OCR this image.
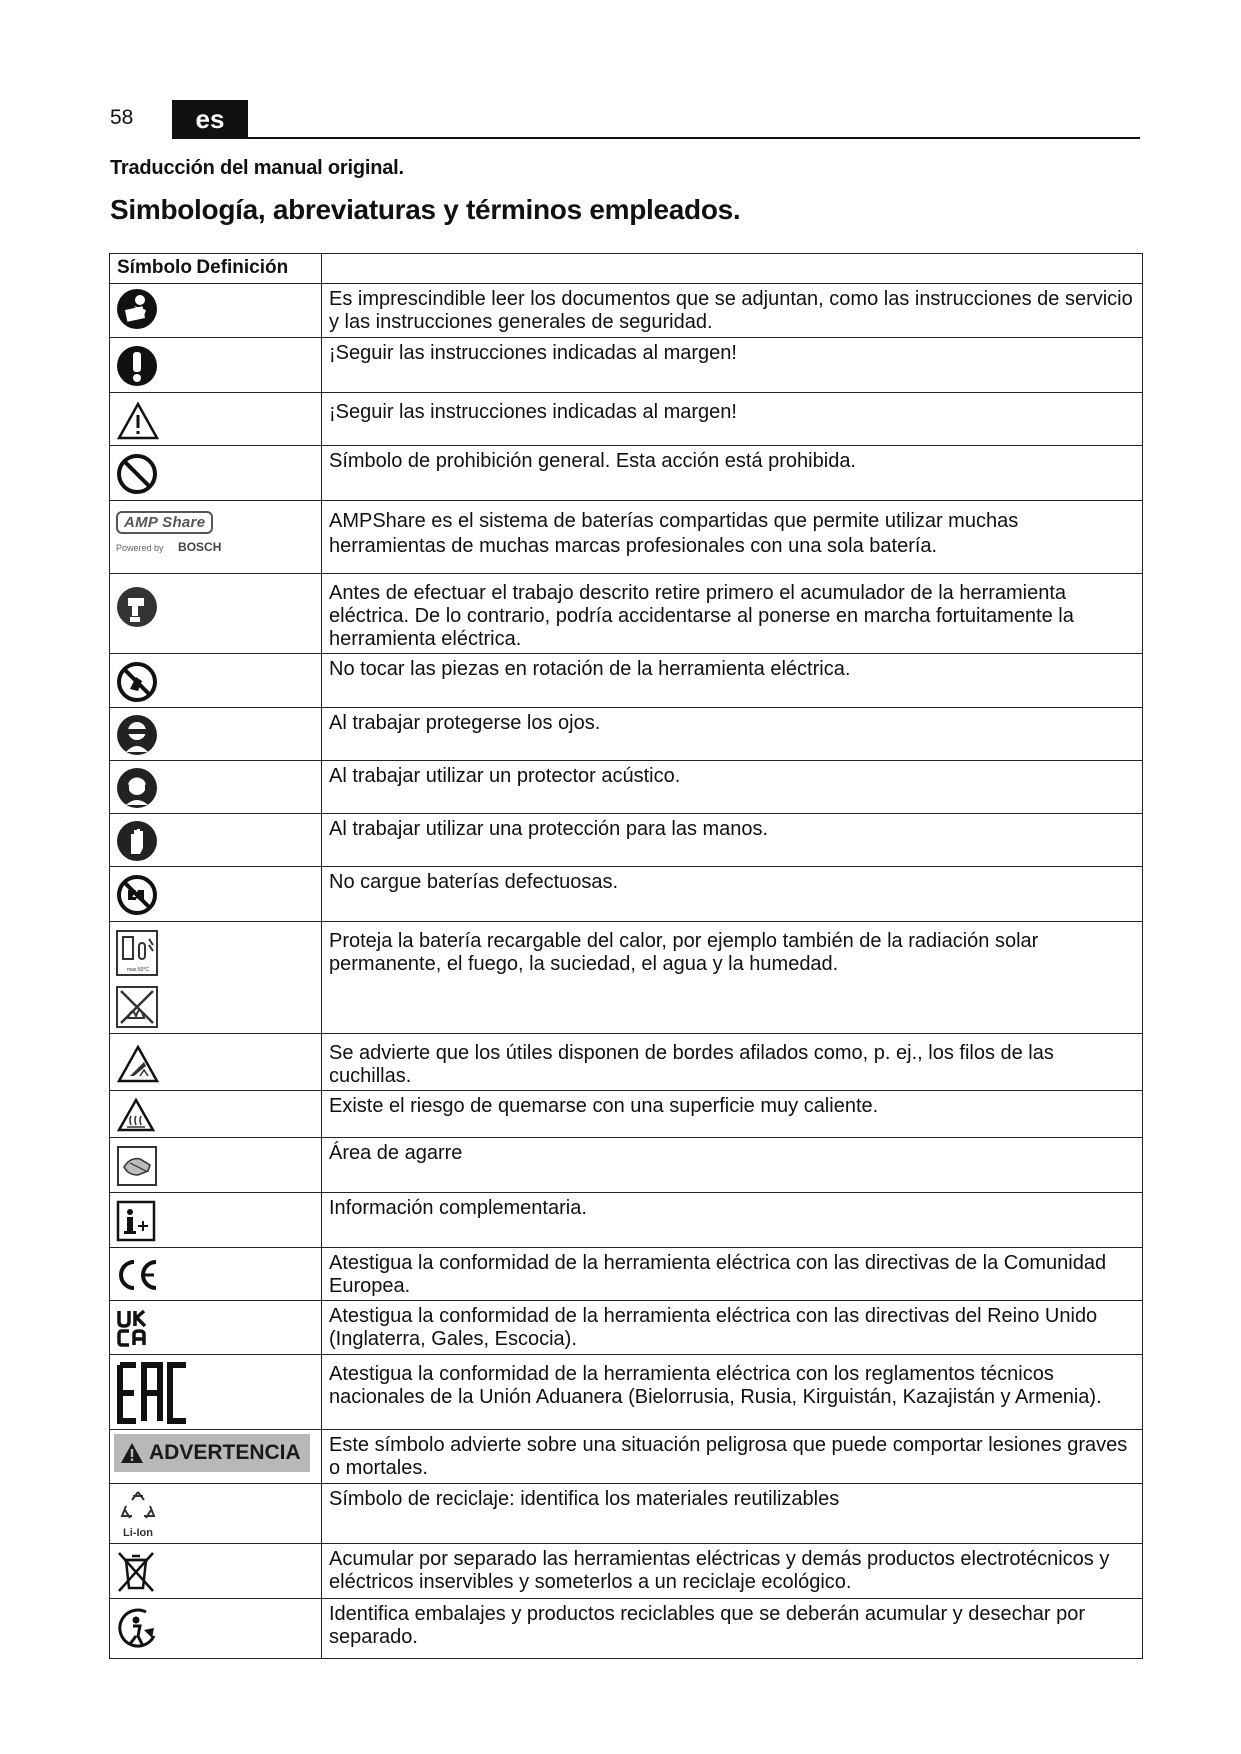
58	es
Traducción del manual original.
Simbología, abreviaturas y términos empleados.
Símbolo Definición	

	Es imprescindible leer los documentos que se adjuntan, como las instrucciones de servicio y las instrucciones generales de seguridad.

	¡Seguir las instrucciones indicadas al margen!

	¡Seguir las instrucciones indicadas al margen!

	Símbolo de prohibición general. Esta acción está prohibida.

AMP Share
Powered by BOSCH	AMPShare es el sistema de baterías compartidas que permite utilizar muchas herramientas de muchas marcas profesionales con una sola batería.

	Antes de efectuar el trabajo descrito retire primero el acumulador de la herramienta eléctrica. De lo contrario, podría accidentarse al ponerse en marcha fortuitamente la herramienta eléctrica.

	No tocar las piezas en rotación de la herramienta eléctrica.

	Al trabajar protegerse los ojos.

	Al trabajar utilizar un protector acústico.

	Al trabajar utilizar una protección para las manos.

	No cargue baterías defectuosas.

max.50°C	Proteja la batería recargable del calor, por ejemplo también de la radiación solar permanente, el fuego, la suciedad, el agua y la humedad.

	Se advierte que los útiles disponen de bordes afilados como, p. ej., los filos de las cuchillas.

	Existe el riesgo de quemarse con una superficie muy caliente.

	Área de agarre

	Información complementaria.

	Atestigua la conformidad de la herramienta eléctrica con las directivas de la Comunidad Europea.

	Atestigua la conformidad de la herramienta eléctrica con las directivas del Reino Unido (Inglaterra, Gales, Escocia).

	Atestigua la conformidad de la herramienta eléctrica con los reglamentos técnicos nacionales de la Unión Aduanera (Bielorrusia, Rusia, Kirguistán, Kazajistán y Armenia).

ADVERTENCIA	Este símbolo advierte sobre una situación peligrosa que puede comportar lesiones graves o mortales.

Li-Ion	Símbolo de reciclaje: identifica los materiales reutilizables

	Acumular por separado las herramientas eléctricas y demás productos electrotécnicos y eléctricos inservibles y someterlos a un reciclaje ecológico.

	Identifica embalajes y productos reciclables que se deberán acumular y desechar por separado.
